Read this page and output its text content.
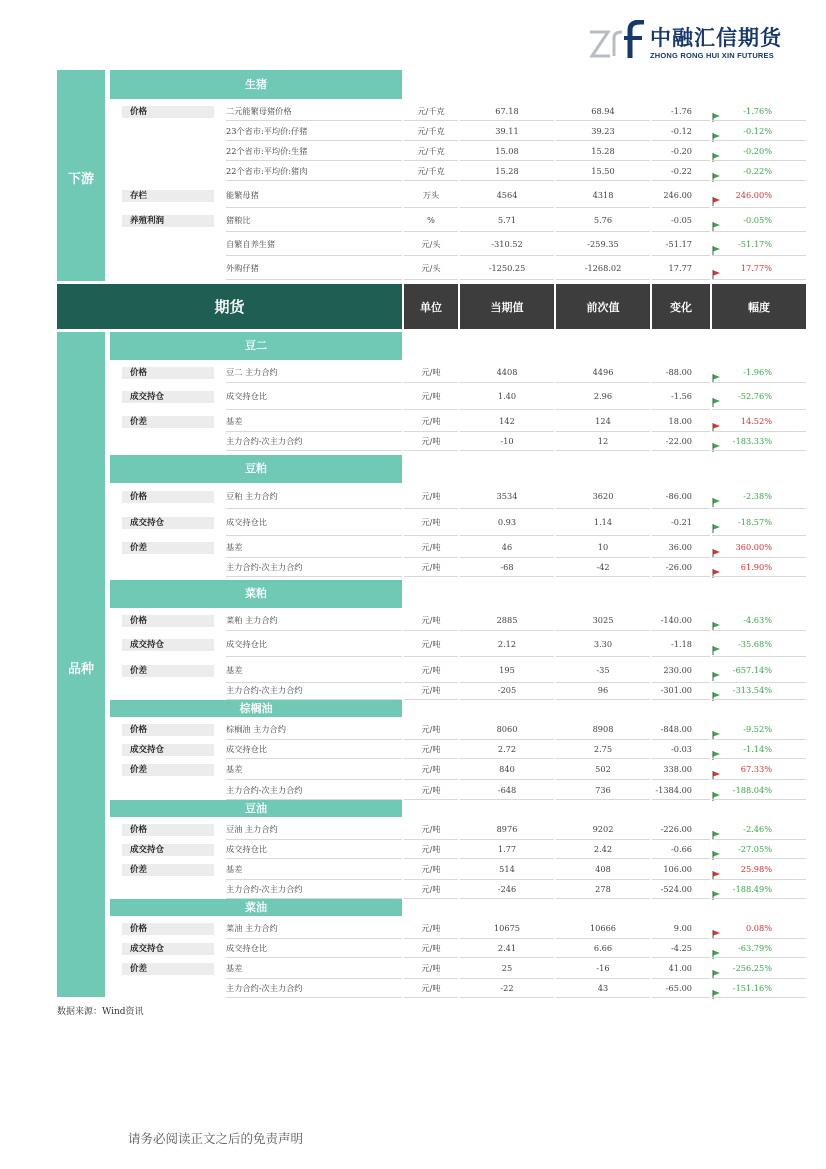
中融汇信期货
ZHONG RONG HUI XIN FUTURES
下游
生猪
价格	二元能繁母猪价格	元/千克	67.18	68.94	-1.76	-1.76%
23个省市:平均价:仔猪	元/千克	39.11	39.23	-0.12	-0.12%
22个省市:平均价:生猪	元/千克	15.08	15.28	-0.20	-0.20%
22个省市:平均价:猪肉	元/千克	15.28	15.50	-0.22	-0.22%
存栏	能繁母猪	万头	4564	4318	246.00	246.00%
养殖利润	猪粮比	%	5.71	5.76	-0.05	-0.05%
自繁自养生猪	元/头	-310.52	-259.35	-51.17	-51.17%
外购仔猪	元/头	-1250.25	-1268.02	17.77	17.77%
期货	单位	当期值	前次值	变化	幅度
品种
豆二
价格	豆二 主力合约	元/吨	4408	4496	-88.00	-1.96%
成交持仓	成交持仓比	元/吨	1.40	2.96	-1.56	-52.76%
价差	基差	元/吨	142	124	18.00	14.52%
主力合约-次主力合约	元/吨	-10	12	-22.00	-183.33%
豆粕
价格	豆粕 主力合约	元/吨	3534	3620	-86.00	-2.38%
成交持仓	成交持仓比	元/吨	0.93	1.14	-0.21	-18.57%
价差	基差	元/吨	46	10	36.00	360.00%
主力合约-次主力合约	元/吨	-68	-42	-26.00	61.90%
菜粕
价格	菜粕 主力合约	元/吨	2885	3025	-140.00	-4.63%
成交持仓	成交持仓比	元/吨	2.12	3.30	-1.18	-35.68%
价差	基差	元/吨	195	-35	230.00	-657.14%
主力合约-次主力合约	元/吨	-205	96	-301.00	-313.54%
棕榈油
价格	棕榈油 主力合约	元/吨	8060	8908	-848.00	-9.52%
成交持仓	成交持仓比	元/吨	2.72	2.75	-0.03	-1.14%
价差	基差	元/吨	840	502	338.00	67.33%
主力合约-次主力合约	元/吨	-648	736	-1384.00	-188.04%
豆油
价格	豆油 主力合约	元/吨	8976	9202	-226.00	-2.46%
成交持仓	成交持仓比	元/吨	1.77	2.42	-0.66	-27.05%
价差	基差	元/吨	514	408	106.00	25.98%
主力合约-次主力合约	元/吨	-246	278	-524.00	-188.49%
菜油
价格	菜油 主力合约	元/吨	10675	10666	9.00	0.08%
成交持仓	成交持仓比	元/吨	2.41	6.66	-4.25	-63.79%
价差	基差	元/吨	25	-16	41.00	-256.25%
主力合约-次主力合约	元/吨	-22	43	-65.00	-151.16%
数据来源：Wind资讯
请务必阅读正文之后的免责声明
